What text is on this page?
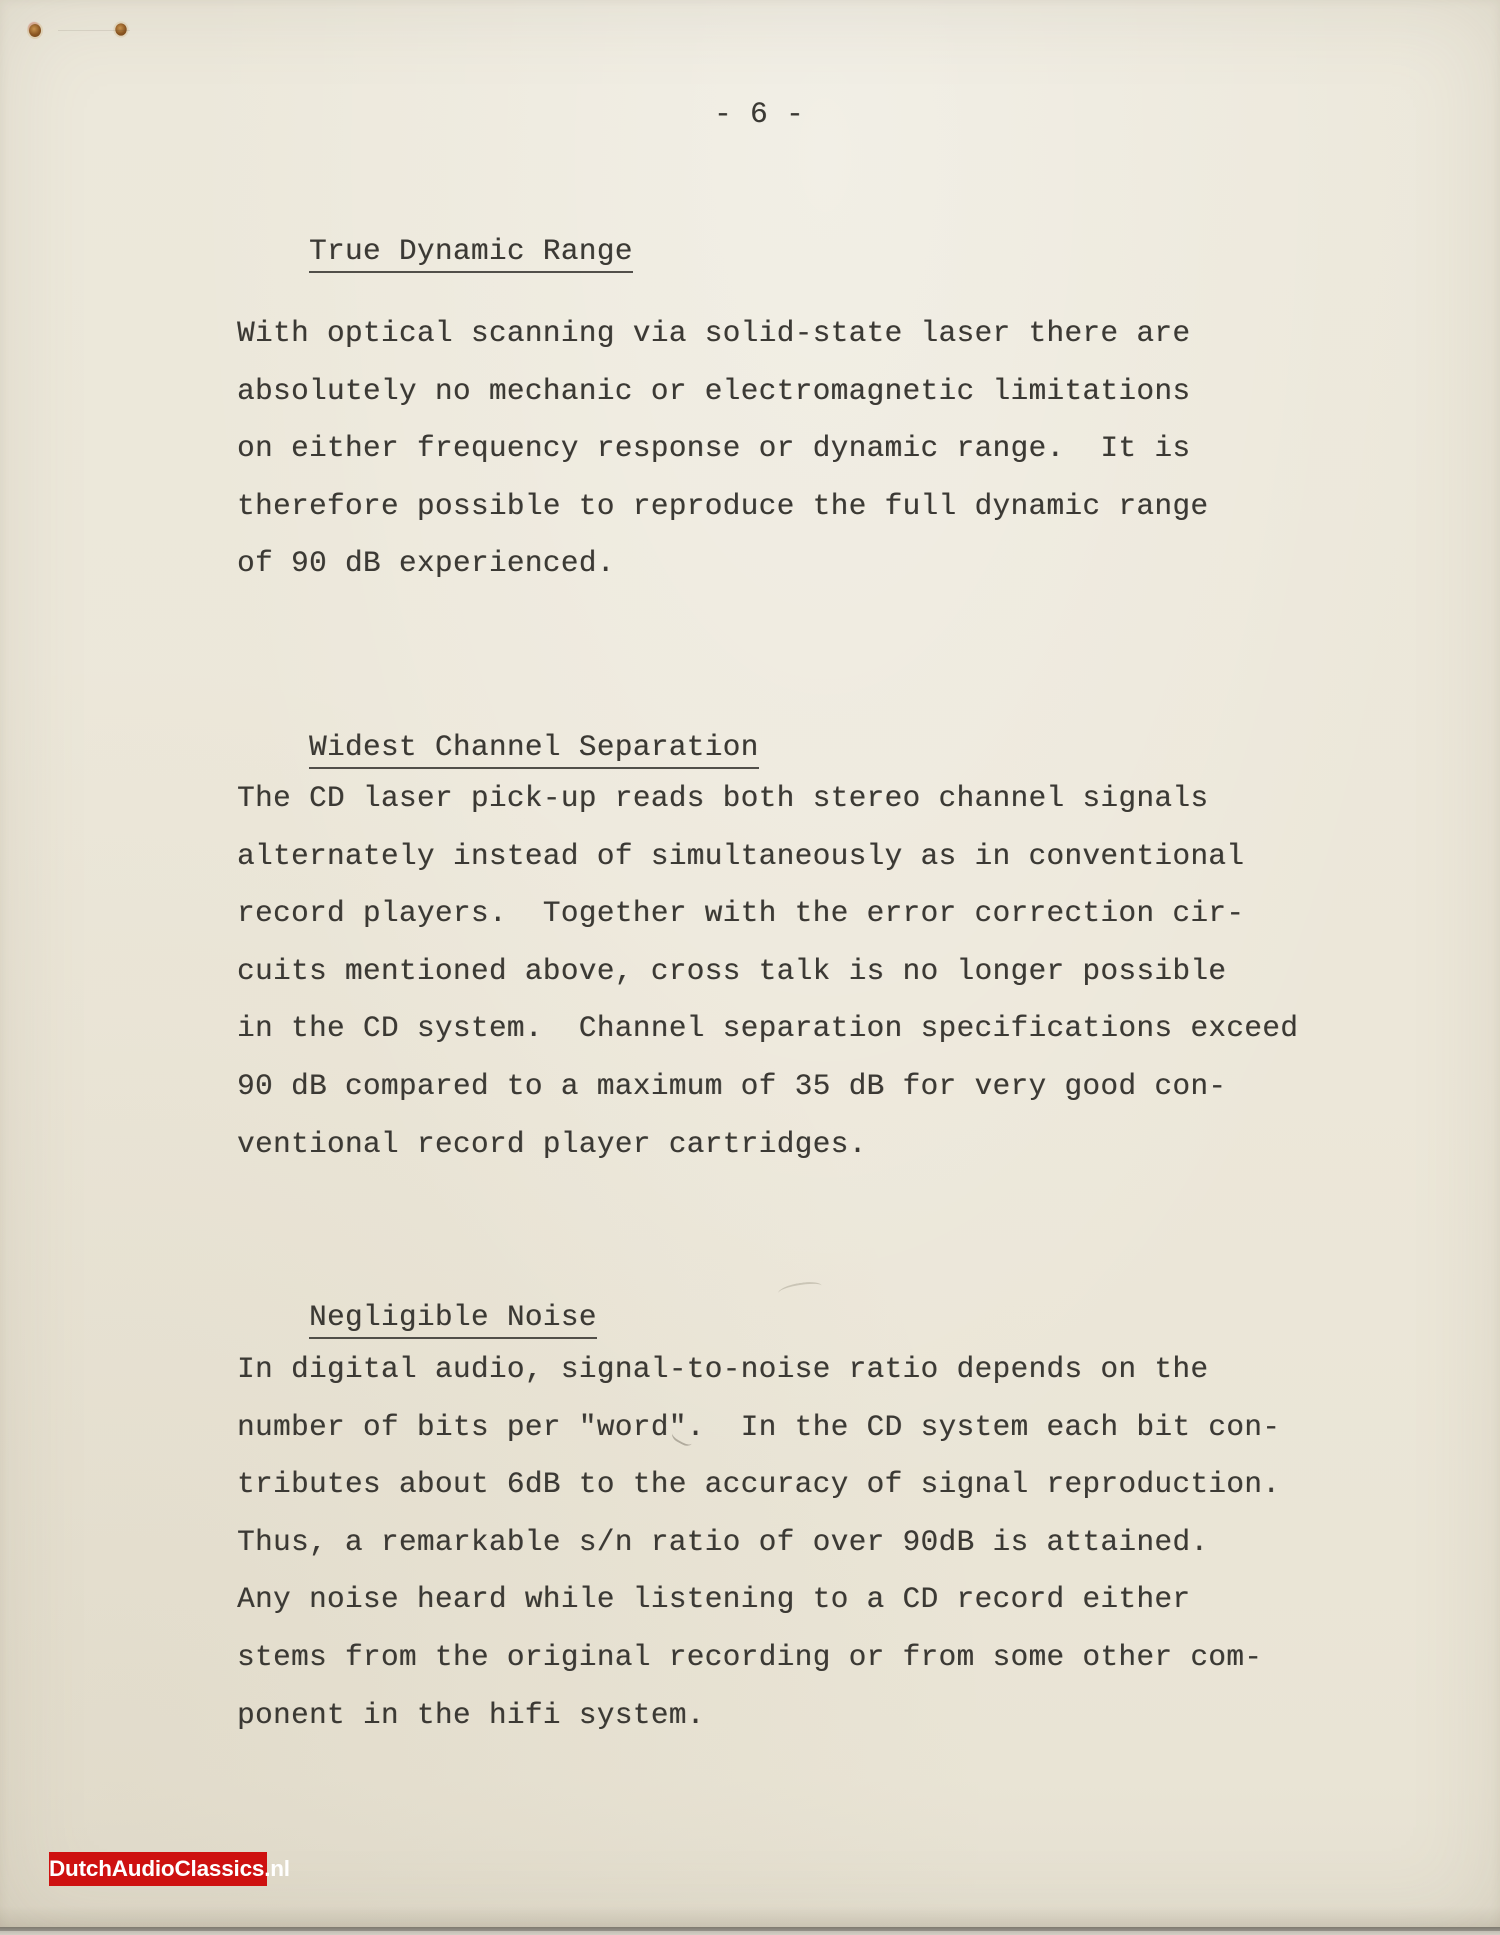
- 6 -

True Dynamic Range

With optical scanning via solid-state laser there are
absolutely no mechanic or electromagnetic limitations
on either frequency response or dynamic range.  It is
therefore possible to reproduce the full dynamic range
of 90 dB experienced.

Widest Channel Separation

The CD laser pick-up reads both stereo channel signals
alternately instead of simultaneously as in conventional
record players.  Together with the error correction cir-
cuits mentioned above, cross talk is no longer possible
in the CD system.  Channel separation specifications exceed
90 dB compared to a maximum of 35 dB for very good con-
ventional record player cartridges.

Negligible Noise

In digital audio, signal-to-noise ratio depends on the
number of bits per "word".  In the CD system each bit con-
tributes about 6dB to the accuracy of signal reproduction.
Thus, a remarkable s/n ratio of over 90dB is attained.
Any noise heard while listening to a CD record either
stems from the original recording or from some other com-
ponent in the hifi system.
DutchAudioClassics.nl
